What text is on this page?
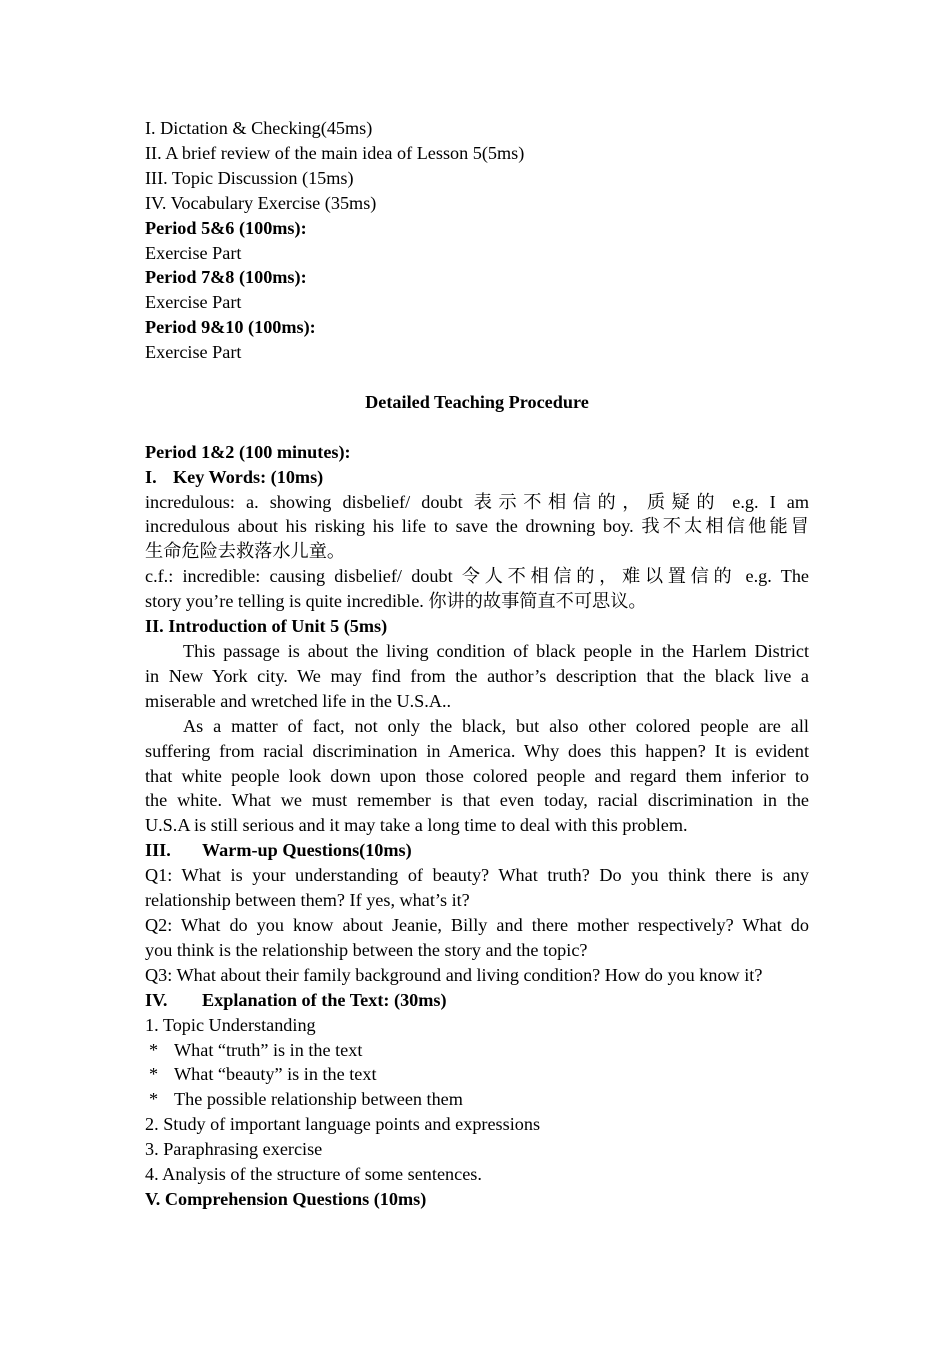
I. Dictation & Checking(45ms)
II. A brief review of the main idea of Lesson 5(5ms)
III. Topic Discussion (15ms)
IV. Vocabulary Exercise (35ms)
Period 5&6 (100ms):
Exercise Part
Period 7&8 (100ms):
Exercise Part
Period 9&10 (100ms):
Exercise Part
Detailed Teaching Procedure
Period 1&2 (100 minutes):
I. Key Words: (10ms)
incredulous: a. showing disbelief/ doubt 表示不相信的，质疑的 e.g. I am
incredulous about his risking his life to save the drowning boy. 我不太相信他能冒
生命危险去救落水儿童。
c.f.: incredible: causing disbelief/ doubt 令人不相信的，难以置信的 e.g. The
story you’re telling is quite incredible. 你讲的故事简直不可思议。
II. Introduction of Unit 5 (5ms)
This passage is about the living condition of black people in the Harlem District
in New York city. We may find from the author’s description that the black live a
miserable and wretched life in the U.S.A..
As a matter of fact, not only the black, but also other colored people are all
suffering from racial discrimination in America. Why does this happen? It is evident
that white people look down upon those colored people and regard them inferior to
the white. What we must remember is that even today, racial discrimination in the
U.S.A is still serious and it may take a long time to deal with this problem.
III. Warm-up Questions(10ms)
Q1: What is your understanding of beauty? What truth? Do you think there is any
relationship between them? If yes, what’s it?
Q2: What do you know about Jeanie, Billy and there mother respectively? What do
you think is the relationship between the story and the topic?
Q3: What about their family background and living condition? How do you know it?
IV. Explanation of the Text: (30ms)
1. Topic Understanding
* What “truth” is in the text
* What “beauty” is in the text
* The possible relationship between them
2. Study of important language points and expressions
3. Paraphrasing exercise
4. Analysis of the structure of some sentences.
V. Comprehension Questions (10ms)
